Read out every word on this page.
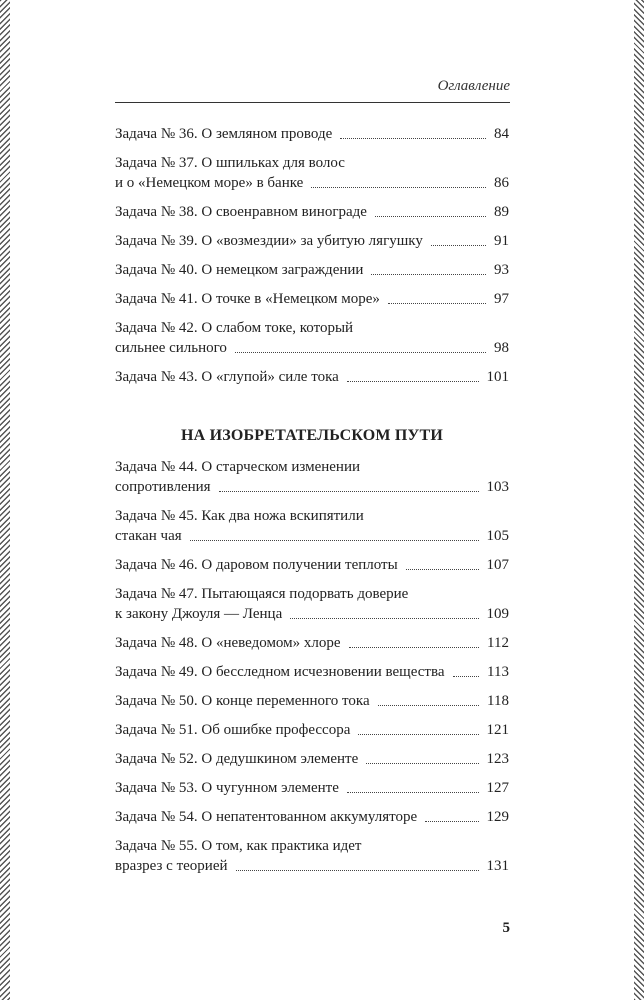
Оглавление
Задача № 36. О земляном проводе	84
Задача № 37. О шпильках для волос
и о «Немецком море» в банке	86
Задача № 38. О своенравном винограде	89
Задача № 39. О «возмездии» за убитую лягушку	91
Задача № 40. О немецком заграждении	93
Задача № 41. О точке в «Немецком море»	97
Задача № 42. О слабом токе, который
сильнее сильного	98
Задача № 43. О «глупой» силе тока	101
НА ИЗОБРЕТАТЕЛЬСКОМ ПУТИ
Задача № 44. О старческом изменении
сопротивления	103
Задача № 45. Как два ножа вскипятили
стакан чая	105
Задача № 46. О даровом получении теплоты	107
Задача № 47. Пытающаяся подорвать доверие
к закону Джоуля — Ленца	109
Задача № 48. О «неведомом» хлоре	112
Задача № 49. О бесследном исчезновении вещества	113
Задача № 50. О конце переменного тока	118
Задача № 51. Об ошибке профессора	121
Задача № 52. О дедушкином элементе	123
Задача № 53. О чугунном элементе	127
Задача № 54. О непатентованном аккумуляторе	129
Задача № 55. О том, как практика идет
вразрез с теорией	131
5
